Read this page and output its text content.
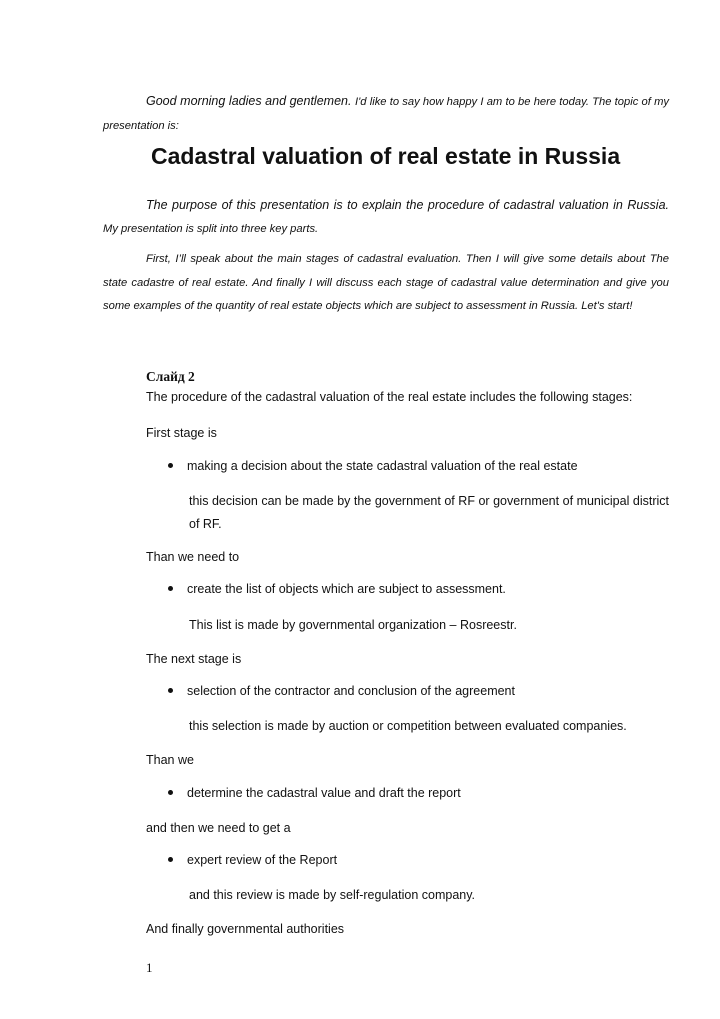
Good morning ladies and gentlemen. I'd like to say how happy I am to be here today. The topic of my presentation is:

Cadastral valuation of real estate in Russia

The purpose of this presentation is to explain the procedure of cadastral valuation in Russia. My presentation is split into three key parts.

First, I’ll speak about the main stages of cadastral evaluation. Then I will give some details about The state cadastre of real estate. And finally I will discuss each stage of cadastral value determination and give you some examples of the quantity of real estate objects which are subject to assessment in Russia. Let's start!

Слайд 2

The procedure of the cadastral valuation of the real estate includes the following stages:

First stage is

making a decision about the state cadastral valuation of the real estate

this decision can be made by the government of RF or government of municipal district of RF.

Than we need to

create the list of objects which are subject to assessment.

This list is made by governmental organization – Rosreestr.

The next stage is

selection of the contractor and conclusion of the agreement

this selection is made by auction or competition between evaluated companies.

Than we

determine the cadastral value and draft the report

and then we need to get a

expert review of the Report

and this review is made by self-regulation company.

And finally governmental authorities

1
